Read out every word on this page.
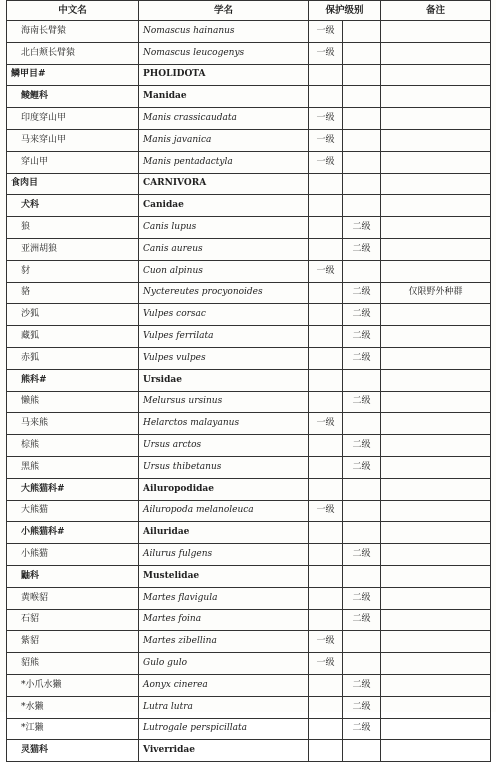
中文名	学名	保护级别		备注
海南长臂猿	Nomascus hainanus	一级		
北白颊长臂猿	Nomascus leucogenys	一级		
鳞甲目#	PHOLIDOTA			
鲮鲤科	Manidae			
印度穿山甲	Manis crassicaudata	一级		
马来穿山甲	Manis javanica	一级		
穿山甲	Manis pentadactyla	一级		
食肉目	CARNIVORA			
犬科	Canidae			
狼	Canis lupus		二级	
亚洲胡狼	Canis aureus		二级	
豺	Cuon alpinus	一级		
貉	Nyctereutes procyonoides		二级	仅限野外种群
沙狐	Vulpes corsac		二级	
藏狐	Vulpes ferrilata		二级	
赤狐	Vulpes vulpes		二级	
熊科#	Ursidae			
懒熊	Melursus ursinus		二级	
马来熊	Helarctos malayanus	一级		
棕熊	Ursus arctos		二级	
黑熊	Ursus thibetanus		二级	
大熊猫科#	Ailuropodidae			
大熊猫	Ailuropoda melanoleuca	一级		
小熊猫科#	Ailuridae			
小熊猫	Ailurus fulgens		二级	
鼬科	Mustelidae			
黄喉貂	Martes flavigula		二级	
石貂	Martes foina		二级	
紫貂	Martes zibellina	一级		
貂熊	Gulo gulo	一级		
*小爪水獭	Aonyx cinerea		二级	
*水獭	Lutra lutra		二级	
*江獭	Lutrogale perspicillata		二级	
灵猫科	Viverridae			
